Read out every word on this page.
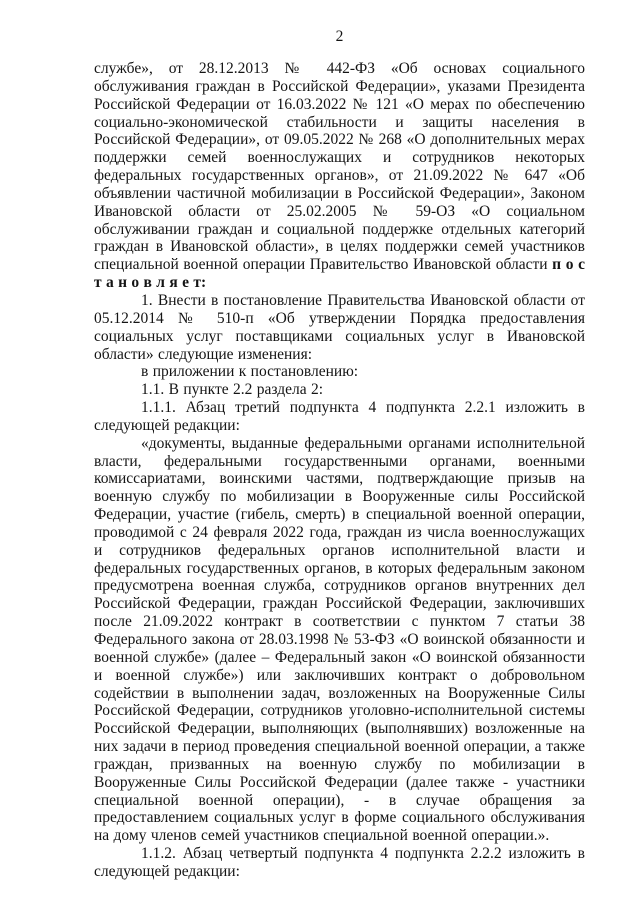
2

службе», от 28.12.2013 № 442-ФЗ «Об основах социального обслуживания граждан в Российской Федерации», указами Президента Российской Федерации от 16.03.2022 № 121 «О мерах по обеспечению социально-экономической стабильности и защиты населения в Российской Федерации», от 09.05.2022 № 268 «О дополнительных мерах поддержки семей военнослужащих и сотрудников некоторых федеральных государственных органов», от 21.09.2022 № 647 «Об объявлении частичной мобилизации в Российской Федерации», Законом Ивановской области от 25.02.2005 № 59-ОЗ «О социальном обслуживании граждан и социальной поддержке отдельных категорий граждан в Ивановской области», в целях поддержки семей участников специальной военной операции Правительство Ивановской области п о с т а н о в л я е т:

1. Внести в постановление Правительства Ивановской области от 05.12.2014 № 510-п «Об утверждении Порядка предоставления социальных услуг поставщиками социальных услуг в Ивановской области» следующие изменения:

в приложении к постановлению:

1.1. В пункте 2.2 раздела 2:

1.1.1. Абзац третий подпункта 4 подпункта 2.2.1 изложить в следующей редакции:

«документы, выданные федеральными органами исполнительной власти, федеральными государственными органами, военными комиссариатами, воинскими частями, подтверждающие призыв на военную службу по мобилизации в Вооруженные силы Российской Федерации, участие (гибель, смерть) в специальной военной операции, проводимой с 24 февраля 2022 года, граждан из числа военнослужащих и сотрудников федеральных органов исполнительной власти и федеральных государственных органов, в которых федеральным законом предусмотрена военная служба, сотрудников органов внутренних дел Российской Федерации, граждан Российской Федерации, заключивших после 21.09.2022 контракт в соответствии с пунктом 7 статьи 38 Федерального закона от 28.03.1998 № 53-ФЗ «О воинской обязанности и военной службе» (далее – Федеральный закон «О воинской обязанности и военной службе») или заключивших контракт о добровольном содействии в выполнении задач, возложенных на Вооруженные Силы Российской Федерации, сотрудников уголовно-исполнительной системы Российской Федерации, выполняющих (выполнявших) возложенные на них задачи в период проведения специальной военной операции, а также граждан, призванных на военную службу по мобилизации в Вооруженные Силы Российской Федерации (далее также - участники специальной военной операции), - в случае обращения за предоставлением социальных услуг в форме социального обслуживания на дому членов семей участников специальной военной операции.».

1.1.2. Абзац четвертый подпункта 4 подпункта 2.2.2 изложить в следующей редакции:
